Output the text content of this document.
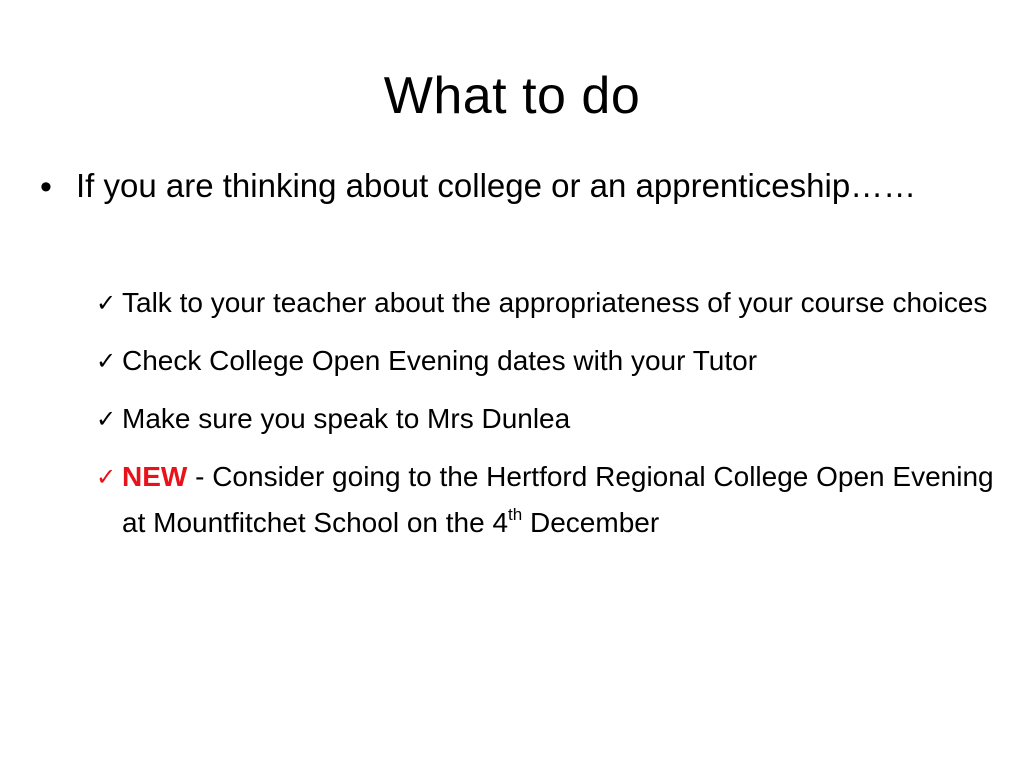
What to do
• If you are thinking about college or an apprenticeship……
✓ Talk to your teacher about the appropriateness of your course choices
✓ Check College Open Evening dates with your Tutor
✓ Make sure you speak to Mrs Dunlea
✓ NEW - Consider going to the Hertford Regional College Open Evening at Mountfitchet School on the 4th December
